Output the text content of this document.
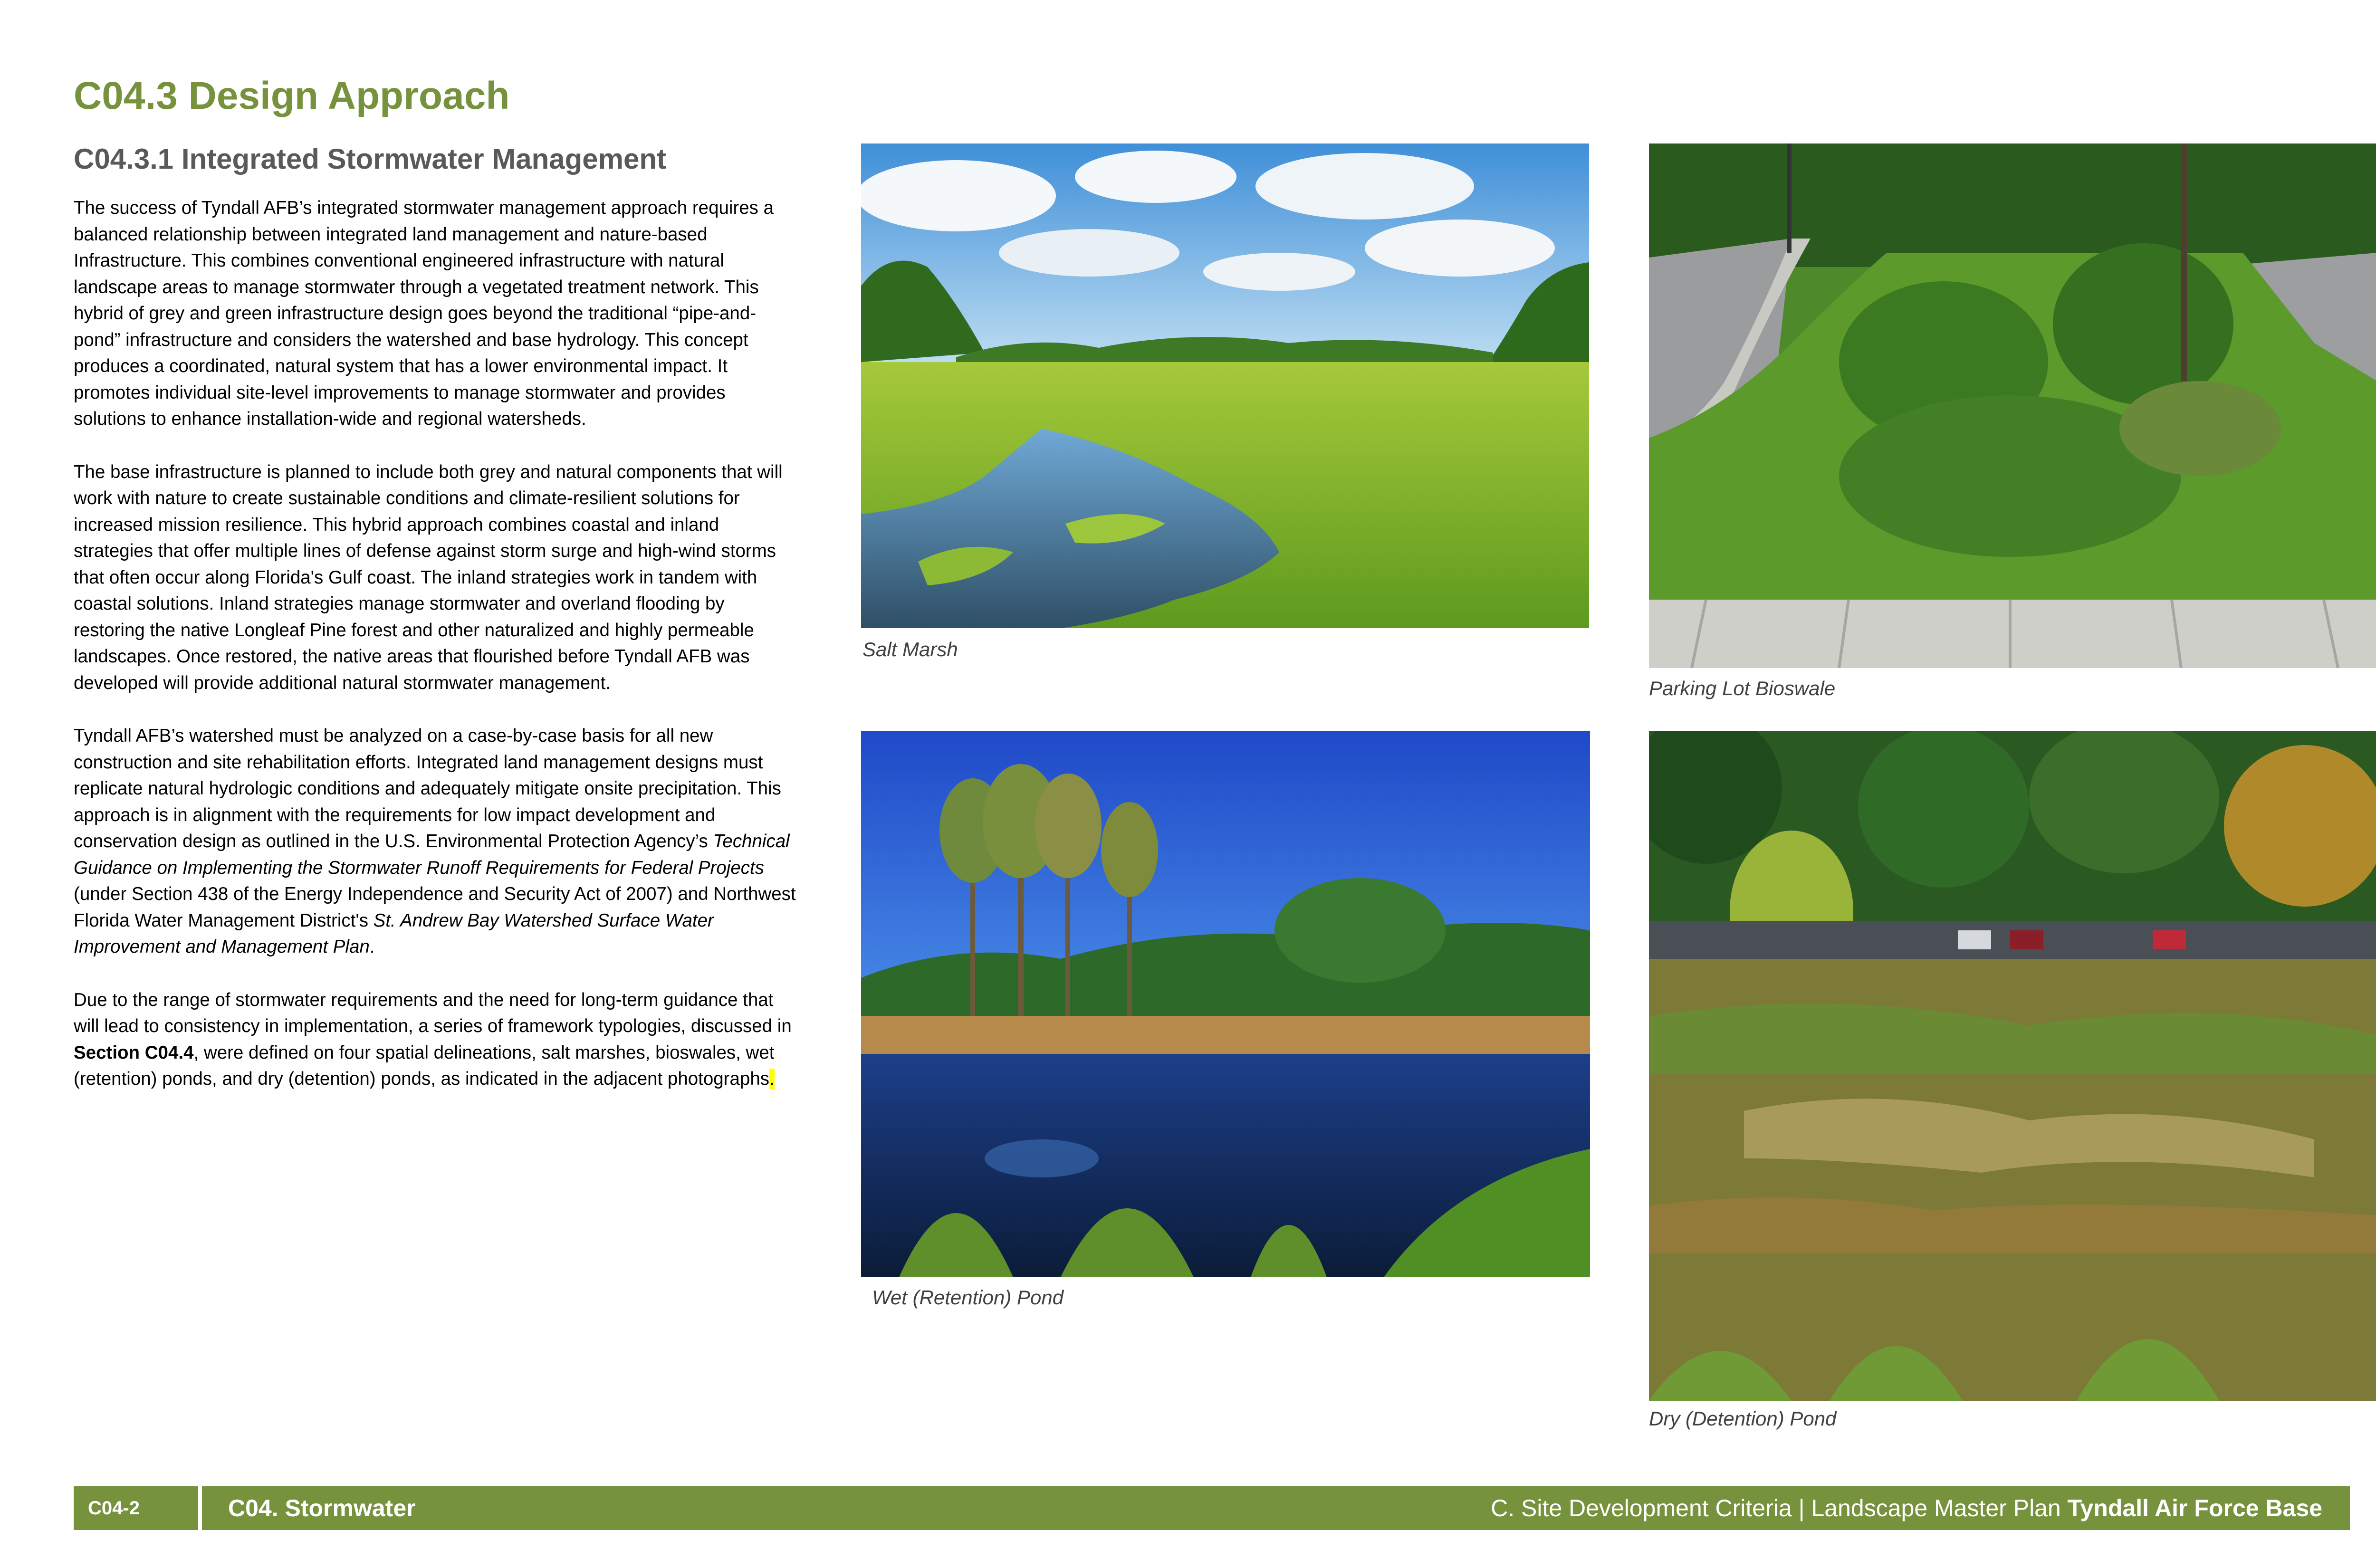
C04.3 Design Approach
C04.3.1 Integrated Stormwater Management

The success of Tyndall AFB’s integrated stormwater management approach requires a balanced relationship between integrated land management and nature-based Infrastructure. This combines conventional engineered infrastructure with natural landscape areas to manage stormwater through a vegetated treatment network. This hybrid of grey and green infrastructure design goes beyond the traditional “pipe-and-pond” infrastructure and considers the watershed and base hydrology. This concept produces a coordinated, natural system that has a lower environmental impact. It promotes individual site-level improvements to manage stormwater and provides solutions to enhance installation-wide and regional watersheds.

The base infrastructure is planned to include both grey and natural components that will work with nature to create sustainable conditions and climate-resilient solutions for increased mission resilience. This hybrid approach combines coastal and inland strategies that offer multiple lines of defense against storm surge and high-wind storms that often occur along Florida's Gulf coast. The inland strategies work in tandem with coastal solutions. Inland strategies manage stormwater and overland flooding by restoring the native Longleaf Pine forest and other naturalized and highly permeable landscapes. Once restored, the native areas that flourished before Tyndall AFB was developed will provide additional natural stormwater management.

Tyndall AFB’s watershed must be analyzed on a case-by-case basis for all new construction and site rehabilitation efforts. Integrated land management designs must replicate natural hydrologic conditions and adequately mitigate onsite precipitation. This approach is in alignment with the requirements for low impact development and conservation design as outlined in the U.S. Environmental Protection Agency’s Technical Guidance on Implementing the Stormwater Runoff Requirements for Federal Projects (under Section 438 of the Energy Independence and Security Act of 2007) and Northwest Florida Water Management District's St. Andrew Bay Watershed Surface Water Improvement and Management Plan.

Due to the range of stormwater requirements and the need for long-term guidance that will lead to consistency in implementation, a series of framework typologies, discussed in Section C04.4, were defined on four spatial delineations, salt marshes, bioswales, wet (retention) ponds, and dry (detention) ponds, as indicated in the adjacent photographs.

Salt Marsh
Parking Lot Bioswale
Wet (Retention) Pond
Dry (Detention) Pond
C04-2	C04. Stormwater	C. Site Development Criteria | Landscape Master Plan Tyndall Air Force Base
